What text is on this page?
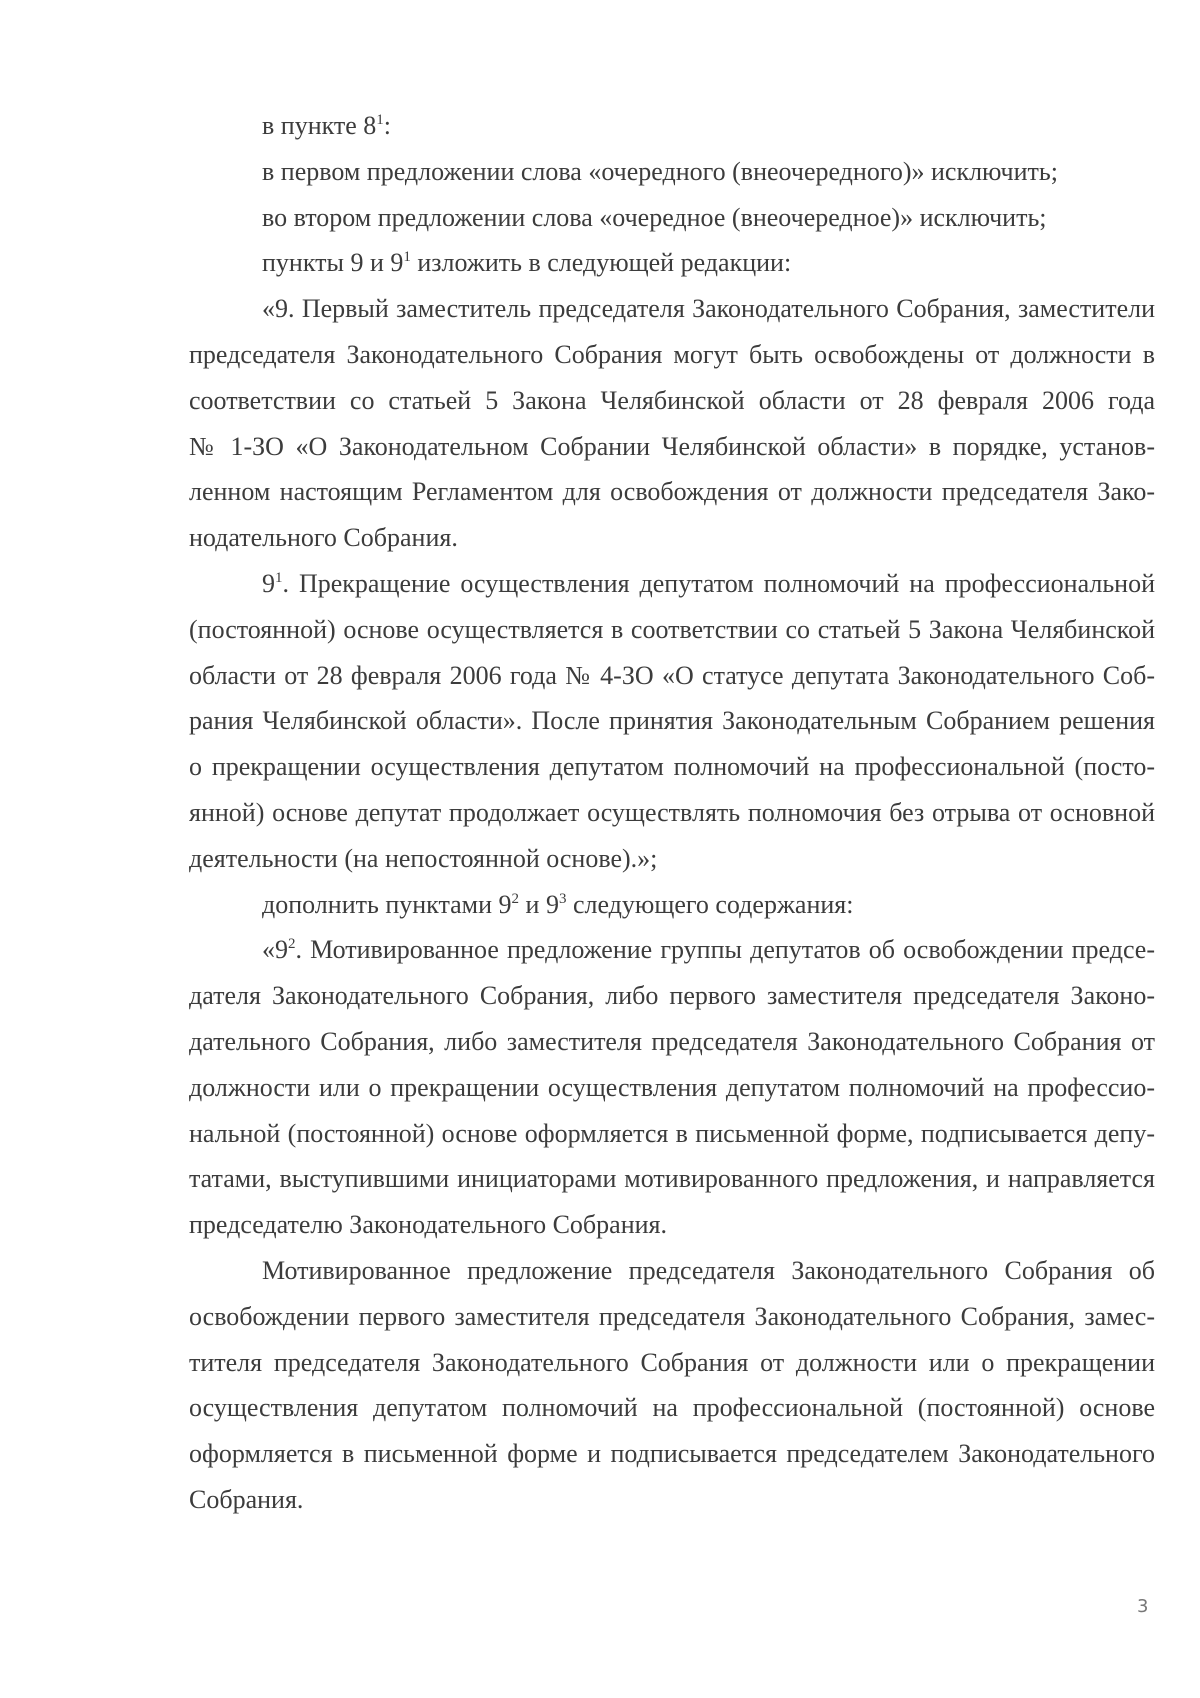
в пункте $8^1$:
в первом предложении слова «очередного (внеочередного)» исключить;
во втором предложении слова «очередное (внеочередное)» исключить;
пункты 9 и $9^1$ изложить в следующей редакции:
«9. Первый заместитель председателя Законодательного Собрания, заместители
председателя Законодательного Собрания могут быть освобождены от должности в
соответствии со статьей 5 Закона Челябинской области от 28 февраля 2006 года
№ 1-ЗО «О Законодательном Собрании Челябинской области» в порядке, установ-
ленном настоящим Регламентом для освобождения от должности председателя Зако-
нодательного Собрания.
$9^1$. Прекращение осуществления депутатом полномочий на профессиональной
(постоянной) основе осуществляется в соответствии со статьей 5 Закона Челябинской
области от 28 февраля 2006 года № 4-ЗО «О статусе депутата Законодательного Соб-
рания Челябинской области». После принятия Законодательным Собранием решения
о прекращении осуществления депутатом полномочий на профессиональной (посто-
янной) основе депутат продолжает осуществлять полномочия без отрыва от основной
деятельности (на непостоянной основе).»;
дополнить пунктами $9^2$ и $9^3$ следующего содержания:
«$9^2$. Мотивированное предложение группы депутатов об освобождении предсе-
дателя Законодательного Собрания, либо первого заместителя председателя Законо-
дательного Собрания, либо заместителя председателя Законодательного Собрания от
должности или о прекращении осуществления депутатом полномочий на профессио-
нальной (постоянной) основе оформляется в письменной форме, подписывается депу-
татами, выступившими инициаторами мотивированного предложения, и направляется
председателю Законодательного Собрания.
Мотивированное предложение председателя Законодательного Собрания об
освобождении первого заместителя председателя Законодательного Собрания, замес-
тителя председателя Законодательного Собрания от должности или о прекращении
осуществления депутатом полномочий на профессиональной (постоянной) основе
оформляется в письменной форме и подписывается председателем Законодательного
Собрания.
3
